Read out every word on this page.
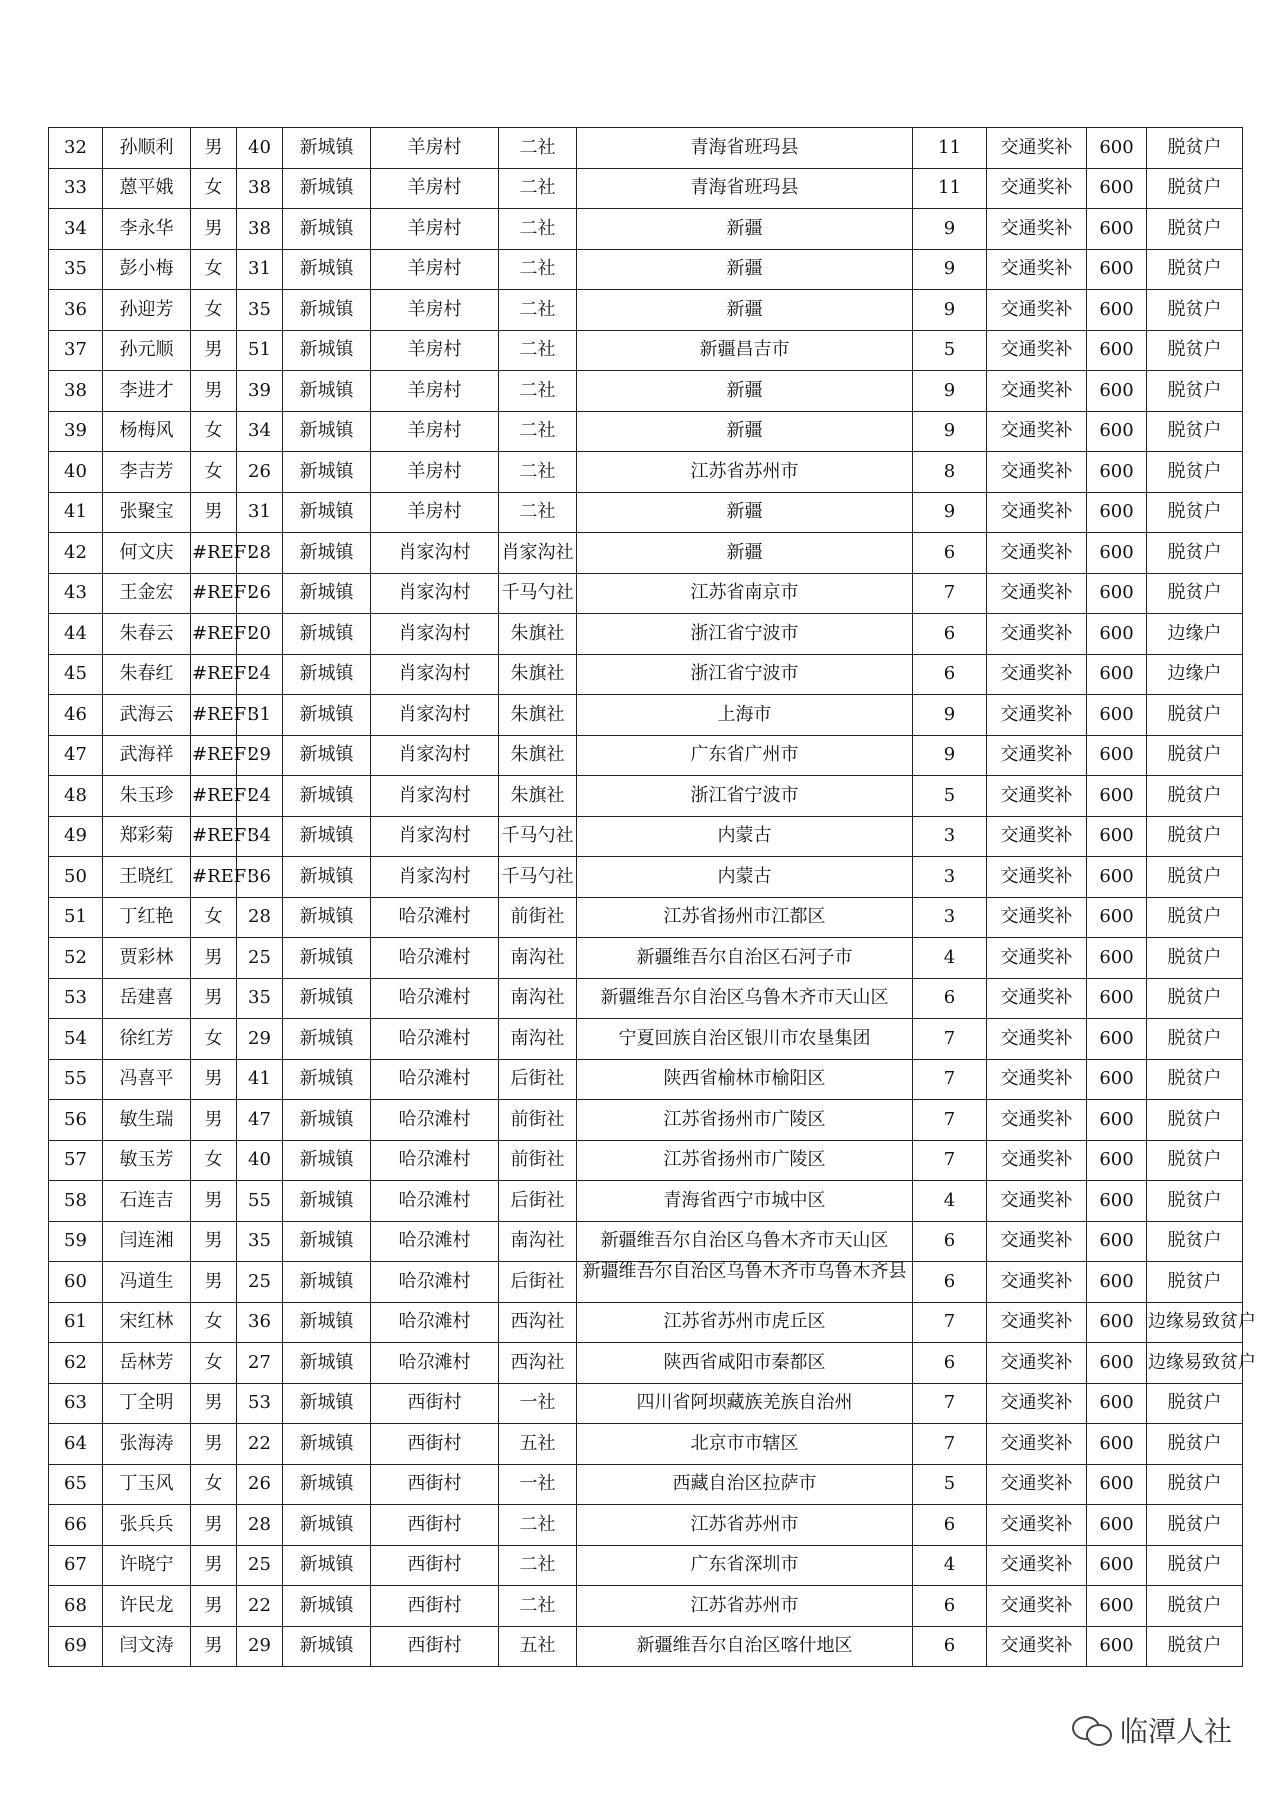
32	孙顺利	男	40	新城镇	羊房村	二社	青海省班玛县	11	交通奖补	600	脱贫户
33	蒽平娥	女	38	新城镇	羊房村	二社	青海省班玛县	11	交通奖补	600	脱贫户
34	李永华	男	38	新城镇	羊房村	二社	新疆	9	交通奖补	600	脱贫户
35	彭小梅	女	31	新城镇	羊房村	二社	新疆	9	交通奖补	600	脱贫户
36	孙迎芳	女	35	新城镇	羊房村	二社	新疆	9	交通奖补	600	脱贫户
37	孙元顺	男	51	新城镇	羊房村	二社	新疆昌吉市	5	交通奖补	600	脱贫户
38	李进才	男	39	新城镇	羊房村	二社	新疆	9	交通奖补	600	脱贫户
39	杨梅风	女	34	新城镇	羊房村	二社	新疆	9	交通奖补	600	脱贫户
40	李吉芳	女	26	新城镇	羊房村	二社	江苏省苏州市	8	交通奖补	600	脱贫户
41	张聚宝	男	31	新城镇	羊房村	二社	新疆	9	交通奖补	600	脱贫户
42	何文庆	#REF!	28	新城镇	肖家沟村	肖家沟社	新疆	6	交通奖补	600	脱贫户
43	王金宏	#REF!	26	新城镇	肖家沟村	千马勺社	江苏省南京市	7	交通奖补	600	脱贫户
44	朱春云	#REF!	20	新城镇	肖家沟村	朱旗社	浙江省宁波市	6	交通奖补	600	边缘户
45	朱春红	#REF!	24	新城镇	肖家沟村	朱旗社	浙江省宁波市	6	交通奖补	600	边缘户
46	武海云	#REF!	31	新城镇	肖家沟村	朱旗社	上海市	9	交通奖补	600	脱贫户
47	武海祥	#REF!	29	新城镇	肖家沟村	朱旗社	广东省广州市	9	交通奖补	600	脱贫户
48	朱玉珍	#REF!	24	新城镇	肖家沟村	朱旗社	浙江省宁波市	5	交通奖补	600	脱贫户
49	郑彩菊	#REF!	34	新城镇	肖家沟村	千马勺社	内蒙古	3	交通奖补	600	脱贫户
50	王晓红	#REF!	36	新城镇	肖家沟村	千马勺社	内蒙古	3	交通奖补	600	脱贫户
51	丁红艳	女	28	新城镇	哈尕滩村	前街社	江苏省扬州市江都区	3	交通奖补	600	脱贫户
52	贾彩林	男	25	新城镇	哈尕滩村	南沟社	新疆维吾尔自治区石河子市	4	交通奖补	600	脱贫户
53	岳建喜	男	35	新城镇	哈尕滩村	南沟社	新疆维吾尔自治区乌鲁木齐市天山区	6	交通奖补	600	脱贫户
54	徐红芳	女	29	新城镇	哈尕滩村	南沟社	宁夏回族自治区银川市农垦集团	7	交通奖补	600	脱贫户
55	冯喜平	男	41	新城镇	哈尕滩村	后街社	陕西省榆林市榆阳区	7	交通奖补	600	脱贫户
56	敏生瑞	男	47	新城镇	哈尕滩村	前街社	江苏省扬州市广陵区	7	交通奖补	600	脱贫户
57	敏玉芳	女	40	新城镇	哈尕滩村	前街社	江苏省扬州市广陵区	7	交通奖补	600	脱贫户
58	石连吉	男	55	新城镇	哈尕滩村	后街社	青海省西宁市城中区	4	交通奖补	600	脱贫户
59	闫连湘	男	35	新城镇	哈尕滩村	南沟社	新疆维吾尔自治区乌鲁木齐市天山区	6	交通奖补	600	脱贫户
60	冯道生	男	25	新城镇	哈尕滩村	后街社	新疆维吾尔自治区乌鲁木齐市乌鲁木齐县	6	交通奖补	600	脱贫户
61	宋红林	女	36	新城镇	哈尕滩村	西沟社	江苏省苏州市虎丘区	7	交通奖补	600	边缘易致贫户
62	岳林芳	女	27	新城镇	哈尕滩村	西沟社	陕西省咸阳市秦都区	6	交通奖补	600	边缘易致贫户
63	丁全明	男	53	新城镇	西街村	一社	四川省阿坝藏族羌族自治州	7	交通奖补	600	脱贫户
64	张海涛	男	22	新城镇	西街村	五社	北京市市辖区	7	交通奖补	600	脱贫户
65	丁玉风	女	26	新城镇	西街村	一社	西藏自治区拉萨市	5	交通奖补	600	脱贫户
66	张兵兵	男	28	新城镇	西街村	二社	江苏省苏州市	6	交通奖补	600	脱贫户
67	许晓宁	男	25	新城镇	西街村	二社	广东省深圳市	4	交通奖补	600	脱贫户
68	许民龙	男	22	新城镇	西街村	二社	江苏省苏州市	6	交通奖补	600	脱贫户
69	闫文涛	男	29	新城镇	西街村	五社	新疆维吾尔自治区喀什地区	6	交通奖补	600	脱贫户
临潭人社
